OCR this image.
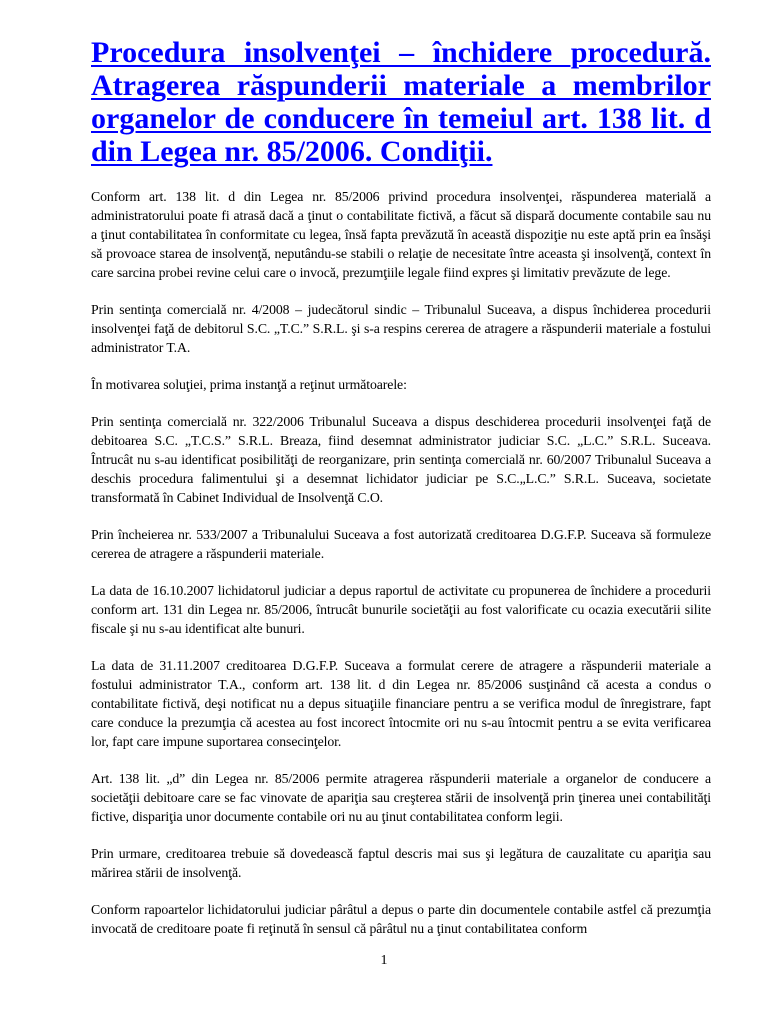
Procedura insolvenţei – închidere procedură. Atragerea răspunderii materiale a membrilor organelor de conducere în temeiul art. 138 lit. d din Legea nr. 85/2006. Condiţii.

Conform art. 138 lit. d din Legea nr. 85/2006 privind procedura insolvenţei, răspunderea materială a administratorului poate fi atrasă dacă a ţinut o contabilitate fictivă, a făcut să dispară documente contabile sau nu a ţinut contabilitatea în conformitate cu legea, însă fapta prevăzută în această dispoziţie nu este aptă prin ea însăşi să provoace starea de insolvenţă, neputându-se stabili o relaţie de necesitate între aceasta şi insolvenţă, context în care sarcina probei revine celui care o invocă, prezumţiile legale fiind expres şi limitativ prevăzute de lege.

Prin sentinţa comercială nr. 4/2008 – judecătorul sindic – Tribunalul Suceava, a dispus închiderea procedurii insolvenţei faţă de debitorul S.C. „T.C.” S.R.L. şi s-a respins cererea de atragere a răspunderii materiale a fostului administrator T.A.

În motivarea soluţiei, prima instanţă a reţinut următoarele:

Prin sentinţa comercială nr. 322/2006 Tribunalul Suceava a dispus deschiderea procedurii insolvenţei faţă de debitoarea S.C. „T.C.S.” S.R.L. Breaza, fiind desemnat administrator judiciar S.C. „L.C.” S.R.L. Suceava. Întrucât nu s-au identificat posibilităţi de reorganizare, prin sentinţa comercială nr. 60/2007 Tribunalul Suceava a deschis procedura falimentului şi a desemnat lichidator judiciar pe S.C.„L.C.” S.R.L. Suceava, societate transformată în Cabinet Individual de Insolvenţă C.O.

Prin încheierea nr. 533/2007 a Tribunalului Suceava a fost autorizată creditoarea D.G.F.P. Suceava să formuleze cererea de atragere a răspunderii materiale.

La data de 16.10.2007 lichidatorul judiciar a depus raportul de activitate cu propunerea de închidere a procedurii conform art. 131 din Legea nr. 85/2006, întrucât bunurile societăţii au fost valorificate cu ocazia executării silite fiscale şi nu s-au identificat alte bunuri.

La data de 31.11.2007 creditoarea D.G.F.P. Suceava a formulat cerere de atragere a răspunderii materiale a fostului administrator T.A., conform art. 138 lit. d din Legea nr. 85/2006 susţinând că acesta a condus o contabilitate fictivă, deşi notificat nu a depus situaţiile financiare pentru a se verifica modul de înregistrare, fapt care conduce la prezumţia că acestea au fost incorect întocmite ori nu s-au întocmit pentru a se evita verificarea lor, fapt care impune suportarea consecinţelor.

Art. 138 lit. „d” din Legea nr. 85/2006 permite atragerea răspunderii materiale a organelor de conducere a societăţii debitoare care se fac vinovate de apariţia sau creşterea stării de insolvenţă prin ţinerea unei contabilităţi fictive, dispariţia unor documente contabile ori nu au ţinut contabilitatea conform legii.

Prin urmare, creditoarea trebuie să dovedească faptul descris mai sus şi legătura de cauzalitate cu apariţia sau mărirea stării de insolvenţă.

Conform rapoartelor lichidatorului judiciar pârâtul a depus o parte din documentele contabile astfel că prezumţia invocată de creditoare poate fi reţinută în sensul că pârâtul nu a ţinut contabilitatea conform

1
